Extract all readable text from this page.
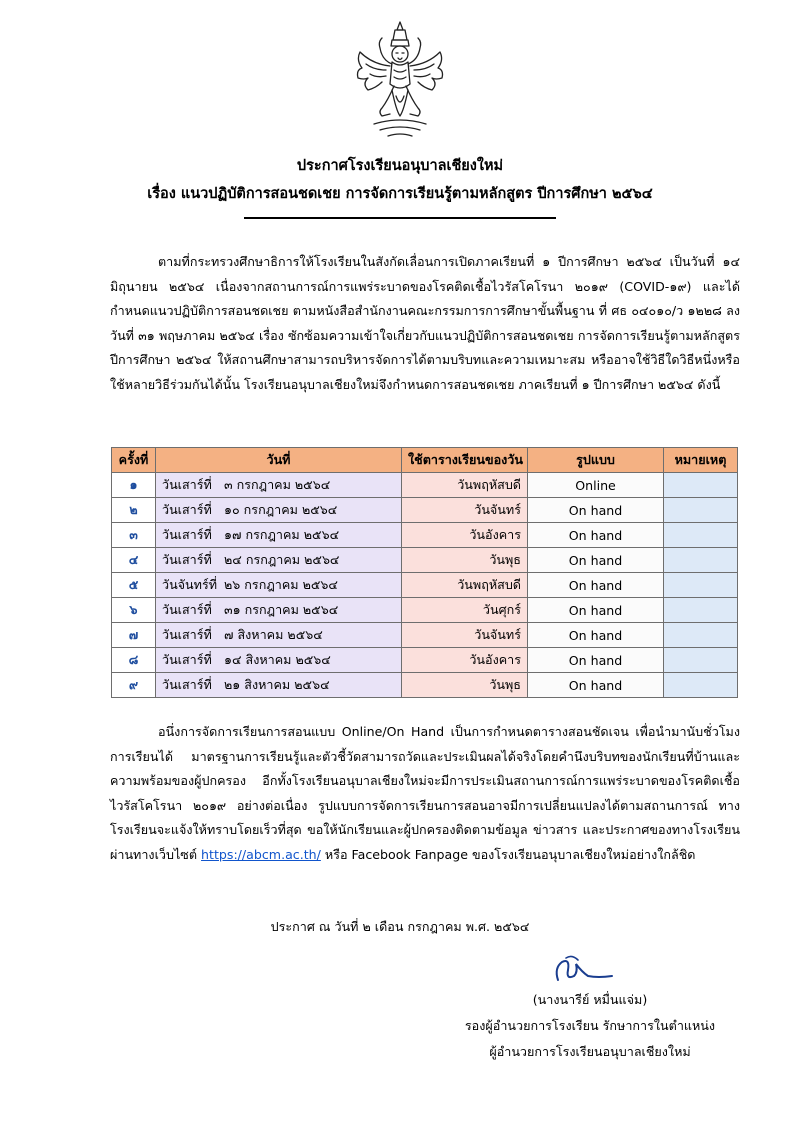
ประกาศโรงเรียนอนุบาลเชียงใหม่
เรื่อง แนวปฏิบัติการสอนชดเชย การจัดการเรียนรู้ตามหลักสูตร ปีการศึกษา ๒๕๖๔
ตามที่กระทรวงศึกษาธิการให้โรงเรียนในสังกัดเลื่อนการเปิดภาคเรียนที่ ๑ ปีการศึกษา ๒๕๖๔ เป็นวันที่ ๑๔ มิถุนายน ๒๕๖๔ เนื่องจากสถานการณ์การแพร่ระบาดของโรคติดเชื้อไวรัสโคโรนา ๒๐๑๙ (COVID-๑๙) และได้กำหนดแนวปฏิบัติการสอนชดเชย ตามหนังสือสำนักงานคณะกรรมการการศึกษาขั้นพื้นฐาน ที่ ศธ ๐๔๐๑๐/ว ๑๒๒๘ ลงวันที่ ๓๑ พฤษภาคม ๒๕๖๔ เรื่อง ซักซ้อมความเข้าใจเกี่ยวกับแนวปฏิบัติการสอนชดเชย การจัดการเรียนรู้ตามหลักสูตร ปีการศึกษา ๒๕๖๔ ให้สถานศึกษาสามารถบริหารจัดการได้ตามบริบทและความเหมาะสม หรืออาจใช้วิธีใดวิธีหนึ่งหรือใช้หลายวิธีร่วมกันได้นั้น โรงเรียนอนุบาลเชียงใหม่จึงกำหนดการสอนชดเชย ภาคเรียนที่ ๑ ปีการศึกษา ๒๕๖๔ ดังนี้
ครั้งที่	วันที่	ใช้ตารางเรียนของวัน	รูปแบบ	หมายเหตุ
๑	วันเสาร์ที่ ๓ กรกฎาคม ๒๕๖๔	วันพฤหัสบดี	Online	
๒	วันเสาร์ที่ ๑๐ กรกฎาคม ๒๕๖๔	วันจันทร์	On hand	
๓	วันเสาร์ที่ ๑๗ กรกฎาคม ๒๕๖๔	วันอังคาร	On hand	
๔	วันเสาร์ที่ ๒๔ กรกฎาคม ๒๕๖๔	วันพุธ	On hand	
๕	วันจันทร์ที่ ๒๖ กรกฎาคม ๒๕๖๔	วันพฤหัสบดี	On hand	
๖	วันเสาร์ที่ ๓๑ กรกฎาคม ๒๕๖๔	วันศุกร์	On hand	
๗	วันเสาร์ที่ ๗ สิงหาคม ๒๕๖๔	วันจันทร์	On hand	
๘	วันเสาร์ที่ ๑๔ สิงหาคม ๒๕๖๔	วันอังคาร	On hand	
๙	วันเสาร์ที่ ๒๑ สิงหาคม ๒๕๖๔	วันพุธ	On hand	
อนึ่งการจัดการเรียนการสอนแบบ Online/On Hand เป็นการกำหนดตารางสอนชัดเจน เพื่อนำมานับชั่วโมงการเรียนได้ มาตรฐานการเรียนรู้และตัวชี้วัดสามารถวัดและประเมินผลได้จริงโดยคำนึงบริบทของนักเรียนที่บ้านและความพร้อมของผู้ปกครอง อีกทั้งโรงเรียนอนุบาลเชียงใหม่จะมีการประเมินสถานการณ์การแพร่ระบาดของโรคติดเชื้อไวรัสโคโรนา ๒๐๑๙ อย่างต่อเนื่อง รูปแบบการจัดการเรียนการสอนอาจมีการเปลี่ยนแปลงได้ตามสถานการณ์ ทางโรงเรียนจะแจ้งให้ทราบโดยเร็วที่สุด ขอให้นักเรียนและผู้ปกครองติดตามข้อมูล ข่าวสาร และประกาศของทางโรงเรียนผ่านทางเว็บไซต์ https://abcm.ac.th/ หรือ Facebook Fanpage ของโรงเรียนอนุบาลเชียงใหม่อย่างใกล้ชิด
ประกาศ ณ วันที่ ๒ เดือน กรกฎาคม พ.ศ. ๒๕๖๔
(นางนารีย์ หมื่นแจ่ม)
รองผู้อำนวยการโรงเรียน รักษาการในตำแหน่ง
ผู้อำนวยการโรงเรียนอนุบาลเชียงใหม่
